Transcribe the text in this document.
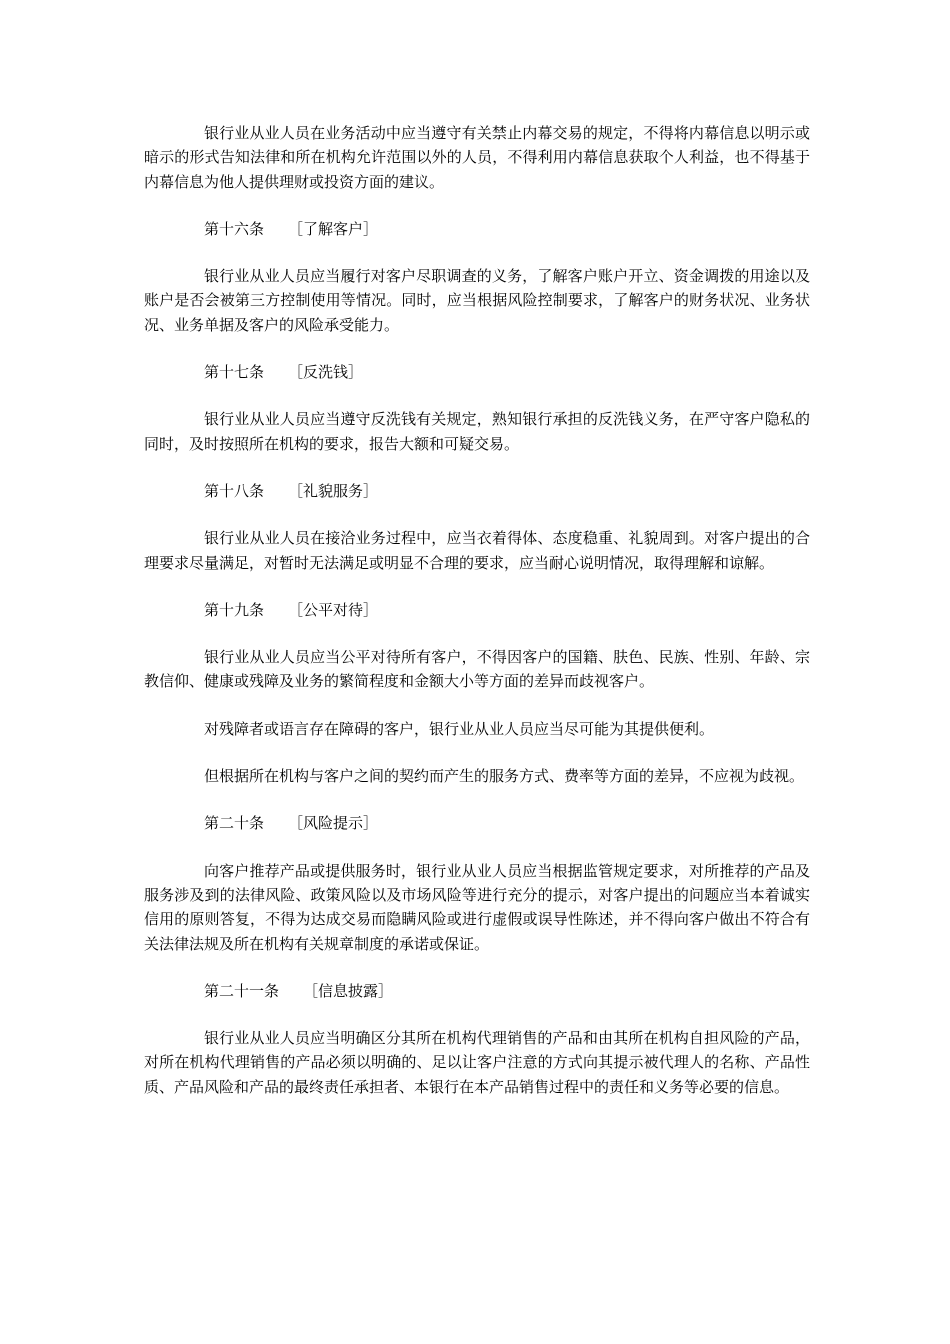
银行业从业人员在业务活动中应当遵守有关禁止内幕交易的规定，不得将内幕信息以明示或暗示的形式告知法律和所在机构允许范围以外的人员，不得利用内幕信息获取个人利益，也不得基于内幕信息为他人提供理财或投资方面的建议。

第十六条 ［了解客户］

银行业从业人员应当履行对客户尽职调查的义务，了解客户账户开立、资金调拨的用途以及账户是否会被第三方控制使用等情况。同时，应当根据风险控制要求，了解客户的财务状况、业务状况、业务单据及客户的风险承受能力。

第十七条 ［反洗钱］

银行业从业人员应当遵守反洗钱有关规定，熟知银行承担的反洗钱义务，在严守客户隐私的同时，及时按照所在机构的要求，报告大额和可疑交易。

第十八条 ［礼貌服务］

银行业从业人员在接洽业务过程中，应当衣着得体、态度稳重、礼貌周到。对客户提出的合理要求尽量满足，对暂时无法满足或明显不合理的要求，应当耐心说明情况，取得理解和谅解。

第十九条 ［公平对待］

银行业从业人员应当公平对待所有客户，不得因客户的国籍、肤色、民族、性别、年龄、宗教信仰、健康或残障及业务的繁简程度和金额大小等方面的差异而歧视客户。

对残障者或语言存在障碍的客户，银行业从业人员应当尽可能为其提供便利。

但根据所在机构与客户之间的契约而产生的服务方式、费率等方面的差异，不应视为歧视。

第二十条 ［风险提示］

向客户推荐产品或提供服务时，银行业从业人员应当根据监管规定要求，对所推荐的产品及服务涉及到的法律风险、政策风险以及市场风险等进行充分的提示，对客户提出的问题应当本着诚实信用的原则答复，不得为达成交易而隐瞒风险或进行虚假或误导性陈述，并不得向客户做出不符合有关法律法规及所在机构有关规章制度的承诺或保证。

第二十一条 ［信息披露］

银行业从业人员应当明确区分其所在机构代理销售的产品和由其所在机构自担风险的产品，对所在机构代理销售的产品必须以明确的、足以让客户注意的方式向其提示被代理人的名称、产品性质、产品风险和产品的最终责任承担者、本银行在本产品销售过程中的责任和义务等必要的信息。
